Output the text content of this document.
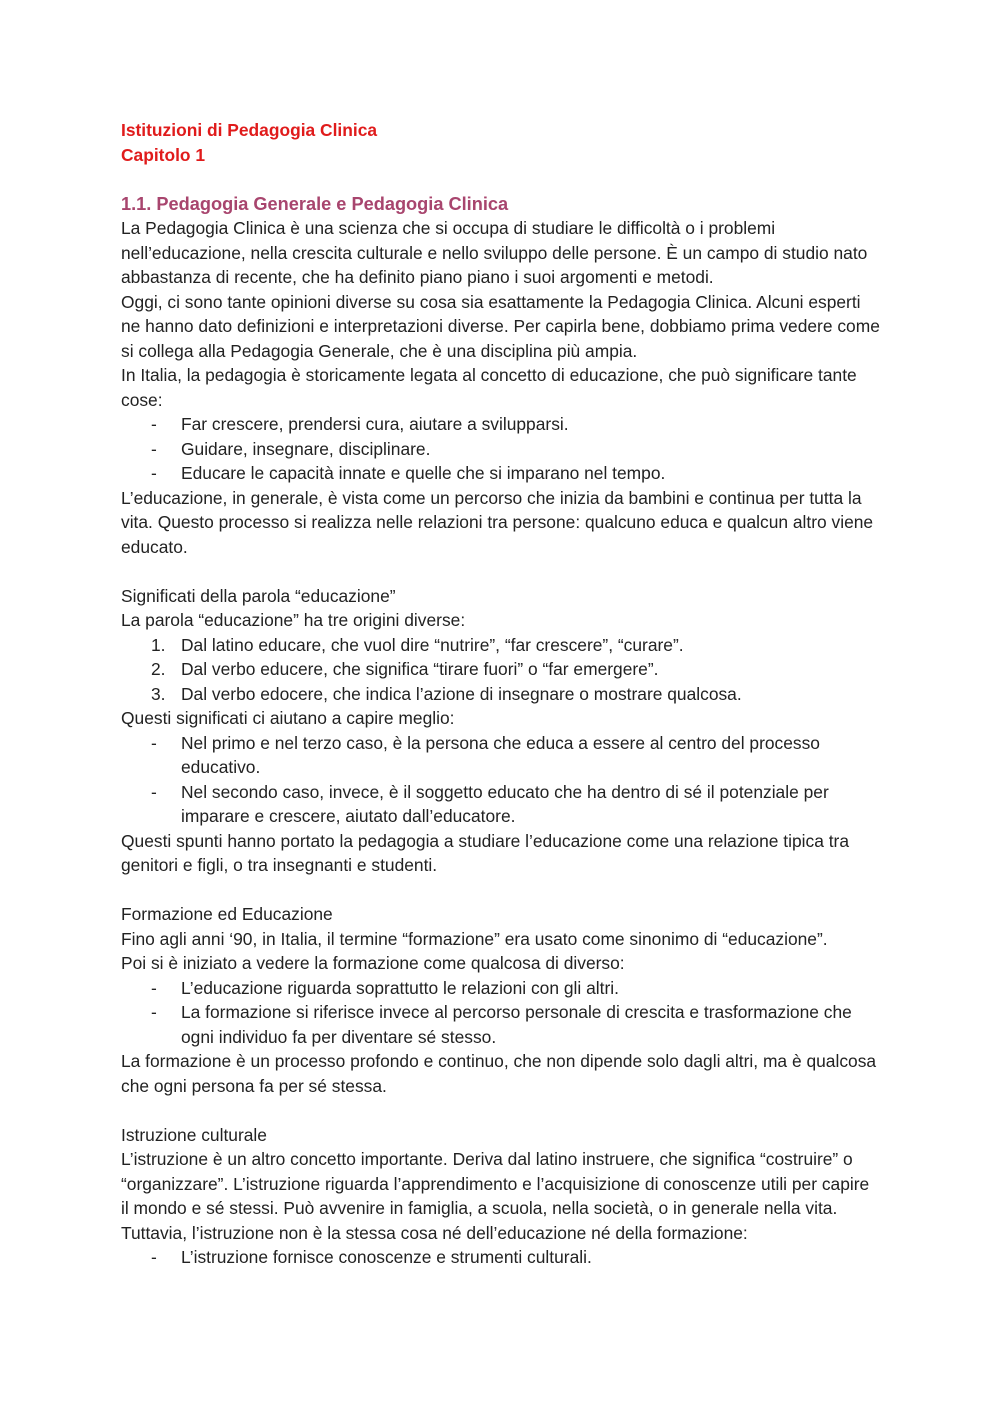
Istituzioni di Pedagogia Clinica

Capitolo 1

1.1. Pedagogia Generale e Pedagogia Clinica

La Pedagogia Clinica è una scienza che si occupa di studiare le difficoltà o i problemi nell’educazione, nella crescita culturale e nello sviluppo delle persone. È un campo di studio nato abbastanza di recente, che ha definito piano piano i suoi argomenti e metodi.

Oggi, ci sono tante opinioni diverse su cosa sia esattamente la Pedagogia Clinica. Alcuni esperti ne hanno dato definizioni e interpretazioni diverse. Per capirla bene, dobbiamo prima vedere come si collega alla Pedagogia Generale, che è una disciplina più ampia.

In Italia, la pedagogia è storicamente legata al concetto di educazione, che può significare tante cose:

- Far crescere, prendersi cura, aiutare a svilupparsi.
- Guidare, insegnare, disciplinare.
- Educare le capacità innate e quelle che si imparano nel tempo.

L’educazione, in generale, è vista come un percorso che inizia da bambini e continua per tutta la vita. Questo processo si realizza nelle relazioni tra persone: qualcuno educa e qualcun altro viene educato.

Significati della parola “educazione”

La parola “educazione” ha tre origini diverse:

1. Dal latino educare, che vuol dire “nutrire”, “far crescere”, “curare”.
2. Dal verbo educere, che significa “tirare fuori” o “far emergere”.
3. Dal verbo edocere, che indica l’azione di insegnare o mostrare qualcosa.

Questi significati ci aiutano a capire meglio:

- Nel primo e nel terzo caso, è la persona che educa a essere al centro del processo educativo.
- Nel secondo caso, invece, è il soggetto educato che ha dentro di sé il potenziale per imparare e crescere, aiutato dall’educatore.

Questi spunti hanno portato la pedagogia a studiare l’educazione come una relazione tipica tra genitori e figli, o tra insegnanti e studenti.

Formazione ed Educazione

Fino agli anni ‘90, in Italia, il termine “formazione” era usato come sinonimo di “educazione”.

Poi si è iniziato a vedere la formazione come qualcosa di diverso:

- L’educazione riguarda soprattutto le relazioni con gli altri.
- La formazione si riferisce invece al percorso personale di crescita e trasformazione che ogni individuo fa per diventare sé stesso.

La formazione è un processo profondo e continuo, che non dipende solo dagli altri, ma è qualcosa che ogni persona fa per sé stessa.

Istruzione culturale

L’istruzione è un altro concetto importante. Deriva dal latino instruere, che significa “costruire” o “organizzare”. L’istruzione riguarda l’apprendimento e l’acquisizione di conoscenze utili per capire il mondo e sé stessi. Può avvenire in famiglia, a scuola, nella società, o in generale nella vita.

Tuttavia, l’istruzione non è la stessa cosa né dell’educazione né della formazione:

- L’istruzione fornisce conoscenze e strumenti culturali.
